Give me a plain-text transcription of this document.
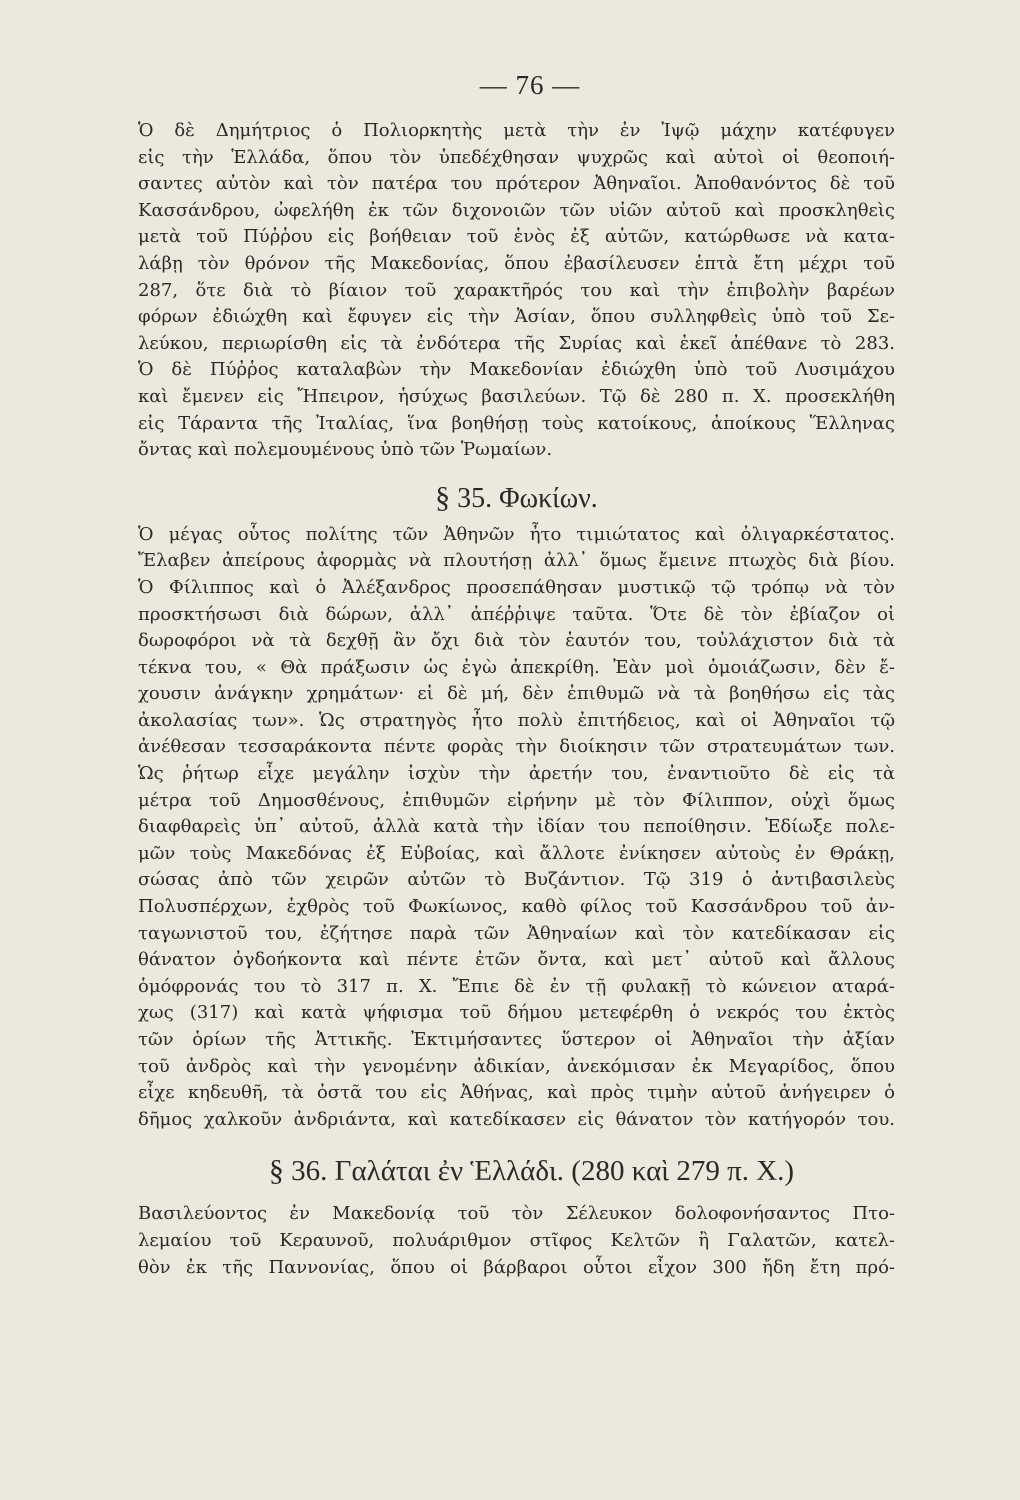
— 76 —
Ὁ δὲ Δημήτριος ὁ Πολιορκητὴς μετὰ τὴν ἐν Ἰψῷ μάχην κατέφυγεν
εἰς τὴν Ἑλλάδα, ὅπου τὸν ὑπεδέχθησαν ψυχρῶς καὶ αὐτοὶ οἱ θεοποιή-
σαντες αὐτὸν καὶ τὸν πατέρα του πρότερον Ἀθηναῖοι. Ἀποθανόντος δὲ τοῦ
Κασσάνδρου, ὠφελήθη ἐκ τῶν διχονοιῶν τῶν υἱῶν αὐτοῦ καὶ προσκληθεὶς
μετὰ τοῦ Πύῤῥου εἰς βοήθειαν τοῦ ἑνὸς ἐξ αὐτῶν, κατώρθωσε νὰ κατα-
λάβῃ τὸν θρόνον τῆς Μακεδονίας, ὅπου ἐβασίλευσεν ἑπτὰ ἔτη μέχρι τοῦ
287, ὅτε διὰ τὸ βίαιον τοῦ χαρακτῆρός του καὶ τὴν ἐπιβολὴν βαρέων
φόρων ἐδιώχθη καὶ ἔφυγεν εἰς τὴν Ἀσίαν, ὅπου συλληφθεὶς ὑπὸ τοῦ Σε-
λεύκου, περιωρίσθη εἰς τὰ ἐνδότερα τῆς Συρίας καὶ ἐκεῖ ἀπέθανε τὸ 283.
Ὁ δὲ Πύῤῥος καταλαβὼν τὴν Μακεδονίαν ἐδιώχθη ὑπὸ τοῦ Λυσιμάχου
καὶ ἔμενεν εἰς Ἤπειρον, ἡσύχως βασιλεύων. Τῷ δὲ 280 π. Χ. προσεκλήθη
εἰς Τάραντα τῆς Ἰταλίας, ἵνα βοηθήσῃ τοὺς κατοίκους, ἀποίκους Ἕλληνας
ὄντας καὶ πολεμουμένους ὑπὸ τῶν Ῥωμαίων.
§ 35. Φωκίων.
Ὁ μέγας οὗτος πολίτης τῶν Ἀθηνῶν ἦτο τιμιώτατος καὶ ὀλιγαρκέστατος.
Ἔλαβεν ἀπείρους ἀφορμὰς νὰ πλουτήσῃ ἀλλ᾿ ὅμως ἔμεινε πτωχὸς διὰ βίου.
Ὁ Φίλιππος καὶ ὁ Ἀλέξανδρος προσεπάθησαν μυστικῷ τῷ τρόπῳ νὰ τὸν
προσκτήσωσι διὰ δώρων, ἀλλ᾿ ἀπέῤῥιψε ταῦτα. Ὅτε δὲ τὸν ἐβίαζον οἱ
δωροφόροι νὰ τὰ δεχθῇ ἂν ὄχι διὰ τὸν ἑαυτόν του, τοὐλάχιστον διὰ τὰ
τέκνα του, « Θὰ πράξωσιν ὡς ἐγὼ ἀπεκρίθη. Ἐὰν μοὶ ὁμοιάζωσιν, δὲν ἔ-
χουσιν ἀνάγκην χρημάτων· εἰ δὲ μή, δὲν ἐπιθυμῶ νὰ τὰ βοηθήσω εἰς τὰς
ἀκολασίας των». Ὡς στρατηγὸς ἦτο πολὺ ἐπιτήδειος, καὶ οἱ Ἀθηναῖοι τῷ
ἀνέθεσαν τεσσαράκοντα πέντε φορὰς τὴν διοίκησιν τῶν στρατευμάτων των.
Ὡς ῥήτωρ εἶχε μεγάλην ἰσχὺν τὴν ἀρετήν του, ἐναντιοῦτο δὲ εἰς τὰ
μέτρα τοῦ Δημοσθένους, ἐπιθυμῶν εἰρήνην μὲ τὸν Φίλιππον, οὐχὶ ὅμως
διαφθαρεὶς ὑπ᾿ αὐτοῦ, ἀλλὰ κατὰ τὴν ἰδίαν του πεποίθησιν. Ἐδίωξε πολε-
μῶν τοὺς Μακεδόνας ἐξ Εὐβοίας, καὶ ἄλλοτε ἐνίκησεν αὐτοὺς ἐν Θράκῃ,
σώσας ἀπὸ τῶν χειρῶν αὐτῶν τὸ Βυζάντιον. Τῷ 319 ὁ ἀντιβασιλεὺς
Πολυσπέρχων, ἐχθρὸς τοῦ Φωκίωνος, καθὸ φίλος τοῦ Κασσάνδρου τοῦ ἀν-
ταγωνιστοῦ του, ἐζήτησε παρὰ τῶν Ἀθηναίων καὶ τὸν κατεδίκασαν εἰς
θάνατον ὀγδοήκοντα καὶ πέντε ἐτῶν ὄντα, καὶ μετ᾿ αὐτοῦ καὶ ἄλλους
ὁμόφρονάς του τὸ 317 π. Χ. Ἔπιε δὲ ἐν τῇ φυλακῇ τὸ κώνειον αταρά-
χως (317) καὶ κατὰ ψήφισμα τοῦ δήμου μετεφέρθη ὁ νεκρός του ἐκτὸς
τῶν ὁρίων τῆς Ἀττικῆς. Ἐκτιμήσαντες ὕστερον οἱ Ἀθηναῖοι τὴν ἀξίαν
τοῦ ἀνδρὸς καὶ τὴν γενομένην ἀδικίαν, ἀνεκόμισαν ἐκ Μεγαρίδος, ὅπου
εἶχε κηδευθῆ, τὰ ὀστᾶ του εἰς Ἀθήνας, καὶ πρὸς τιμὴν αὐτοῦ ἀνήγειρεν ὁ
δῆμος χαλκοῦν ἀνδριάντα, καὶ κατεδίκασεν εἰς θάνατον τὸν κατήγορόν του.
§ 36. Γαλάται ἐν Ἑλλάδι. (280 καὶ 279 π. Χ.)
Βασιλεύοντος ἐν Μακεδονίᾳ τοῦ τὸν Σέλευκον δολοφονήσαντος Πτο-
λεμαίου τοῦ Κεραυνοῦ, πολυάριθμον στῖφος Κελτῶν ἢ Γαλατῶν, κατελ-
θὸν ἐκ τῆς Παννονίας, ὅπου οἱ βάρβαροι οὗτοι εἶχον 300 ἤδη ἔτη πρό-
